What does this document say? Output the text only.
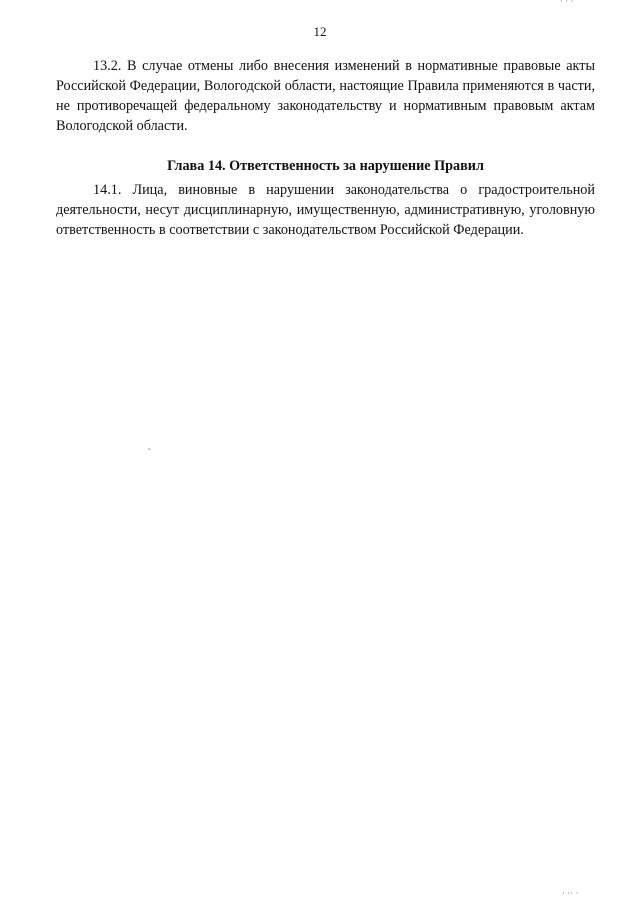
˙ ˙ ˙
12

13.2. В случае отмены либо внесения изменений в нормативные правовые акты Российской Федерации, Вологодской области, настоящие Правила применяются в части, не противоречащей федеральному законодательству и нормативным правовым актам Вологодской области.

Глава 14. Ответственность за нарушение Правил

14.1. Лица, виновные в нарушении законодательства о градостроительной деятельности, несут дисциплинарную, имущественную, административную, уголовную ответственность в соответствии с законодательством Российской Федерации.

˛
˙ ˙˙ ˙
